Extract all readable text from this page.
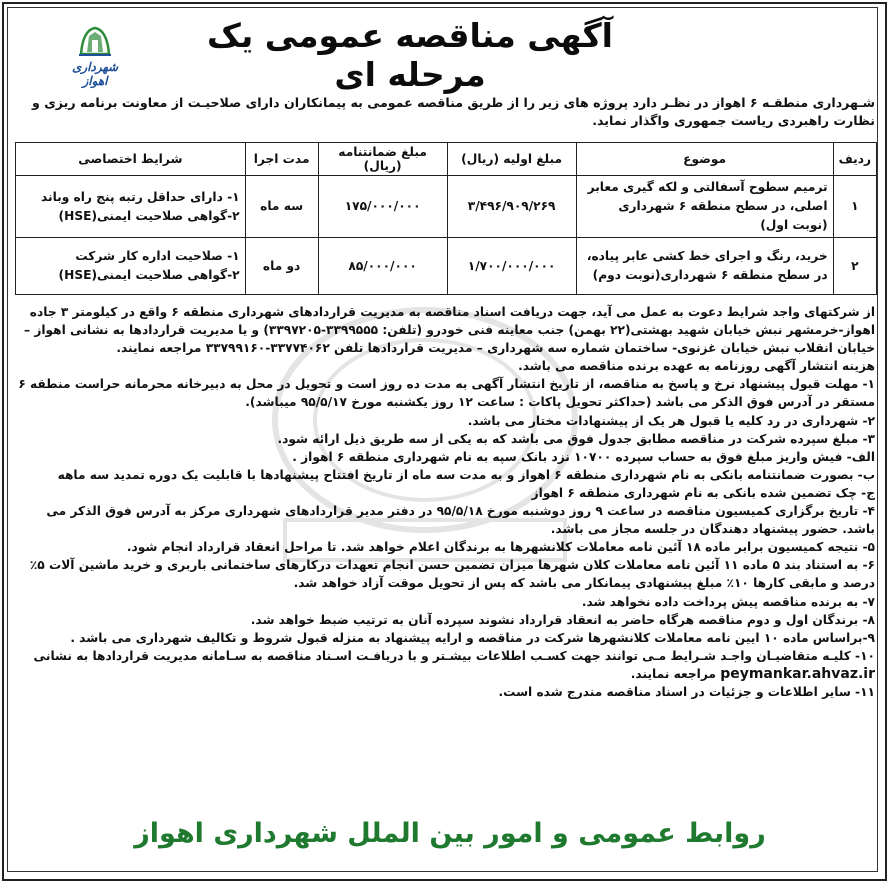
شهرداری اهواز
آگهی مناقصه عمومی یک مرحله ای
شـهرداری منطقـه ۶ اهواز در نظـر دارد پروژه های زیر را از طریق مناقصه عمومی به پیمانکاران دارای صلاحیـت از معاونت برنامه ریزی و نظارت راهبردی ریاست جمهوری واگذار نماید.
ردیف	موضوع	مبلغ اولیه (ریال)	مبلغ ضمانتنامه (ریال)	مدت اجرا	شرایط اختصاصی
۱	ترمیم سطوح آسفالتی و لکه گیری معابر اصلی، در سطح منطقه ۶ شهرداری (نوبت اول)	۳/۴۹۶/۹۰۹/۲۶۹	۱۷۵/۰۰۰/۰۰۰	سه ماه	۱- دارای حداقل رتبه پنج راه وباند
۲-گواهی صلاحیت ایمنی(HSE)

۲	خرید، رنگ و اجرای خط کشی عابر پیاده، در سطح منطقه ۶ شهرداری(نوبت دوم)	۱/۷۰۰/۰۰۰/۰۰۰	۸۵/۰۰۰/۰۰۰	دو ماه	۱- صلاحیت اداره کار شرکت
۲-گواهی صلاحیت ایمنی(HSE)

از شرکتهای واجد شرایط دعوت به عمل می آید، جهت دریافت اسناد مناقصه به مدیریت قراردادهای شهرداری منطقه ۶ واقع در کیلومتر ۳ جاده اهواز-خرمشهر نبش خیابان شهید بهشتی(۲۲ بهمن) جنب معاینه فنی خودرو (تلفن: ۳۳۹۹۵۵۵-۳۳۹۷۲۰۵) و یا مدیریت قراردادها به نشانی اهواز – خیابان انقلاب نبش خیابان غزنوی- ساختمان شماره سه شهرداری – مدیریت قراردادها تلفن ۳۳۷۷۴۰۶۲-۳۳۷۹۹۱۶۰ مراجعه نمایند.

هزینه انتشار آگهی روزنامه به عهده برنده مناقصه می باشد.

۱- مهلت قبول پیشنهاد نرخ و پاسخ به مناقصه، از تاریخ انتشار آگهی به مدت ده روز است و تحویل در محل به دبیرخانه محرمانه حراست منطقه ۶ مستقر در آدرس فوق الذکر می باشد (حداکثر تحویل پاکات : ساعت ۱۲ روز یکشنبه مورخ ۹۵/۵/۱۷ میباشد).

۲- شهرداری در رد کلیه یا قبول هر یک از پیشنهادات مختار می باشد.

۳- مبلغ سپرده شرکت در مناقصه مطابق جدول فوق می باشد که به یکی از سه طریق ذیل ارائه شود.

الف- فیش واریز مبلغ فوق به حساب سپرده ۱۰۷۰۰ نزد بانک سپه به نام شهرداری منطقه ۶ اهواز .

ب- بصورت ضمانتنامه بانکی به نام شهرداری منطقه ۶ اهواز و به مدت سه ماه از تاریخ افتتاح پیشنهادها با قابلیت یک دوره تمدید سه ماهه

ج- چک تضمین شده بانکی به نام شهرداری منطقه ۶ اهواز

۴- تاریخ برگزاری کمیسیون مناقصه در ساعت ۹ روز دوشنبه مورخ ۹۵/۵/۱۸ در دفتر مدیر قراردادهای شهرداری مرکز به آدرس فوق الذکر می باشد. حضور پیشنهاد دهندگان در جلسه مجاز می باشد.

۵- نتیجه کمیسیون برابر ماده ۱۸ آئین نامه معاملات کلانشهرها به برندگان اعلام خواهد شد. تا مراحل انعقاد قرارداد انجام شود.

۶- به استناد بند ۵ ماده ۱۱ آئین نامه معاملات کلان شهرها میزان تضمین حسن انجام تعهدات درکارهای ساختمانی باربری و خرید ماشین آلات ۵٪ درصد و مابقی کارها ۱۰٪ مبلغ پیشنهادی پیمانکار می باشد که پس از تحویل موقت آزاد خواهد شد.

۷- به برنده مناقصه پیش پرداخت داده نخواهد شد.

۸- برندگان اول و دوم مناقصه هرگاه حاضر به انعقاد قرارداد نشوند سپرده آنان به ترتیب ضبط خواهد شد.

۹-براساس ماده ۱۰ ایین نامه معاملات کلانشهرها شرکت در مناقصه و ارایه پیشنهاد به منزله قبول شروط و تکالیف شهرداری می باشد .

۱۰- کلیـه متقاضیـان واجـد شـرایط مـی توانند جهت کسـب اطلاعات بیشـتر و با دریافـت اسـناد مناقصه به سـامانه مدیریت قراردادها به نشانی peymankar.ahvaz.ir مراجعه نمایند.

۱۱- سایر اطلاعات و جزئیات در اسناد مناقصه مندرج شده است.

روابط عمومی و امور بین الملل شهرداری اهواز
